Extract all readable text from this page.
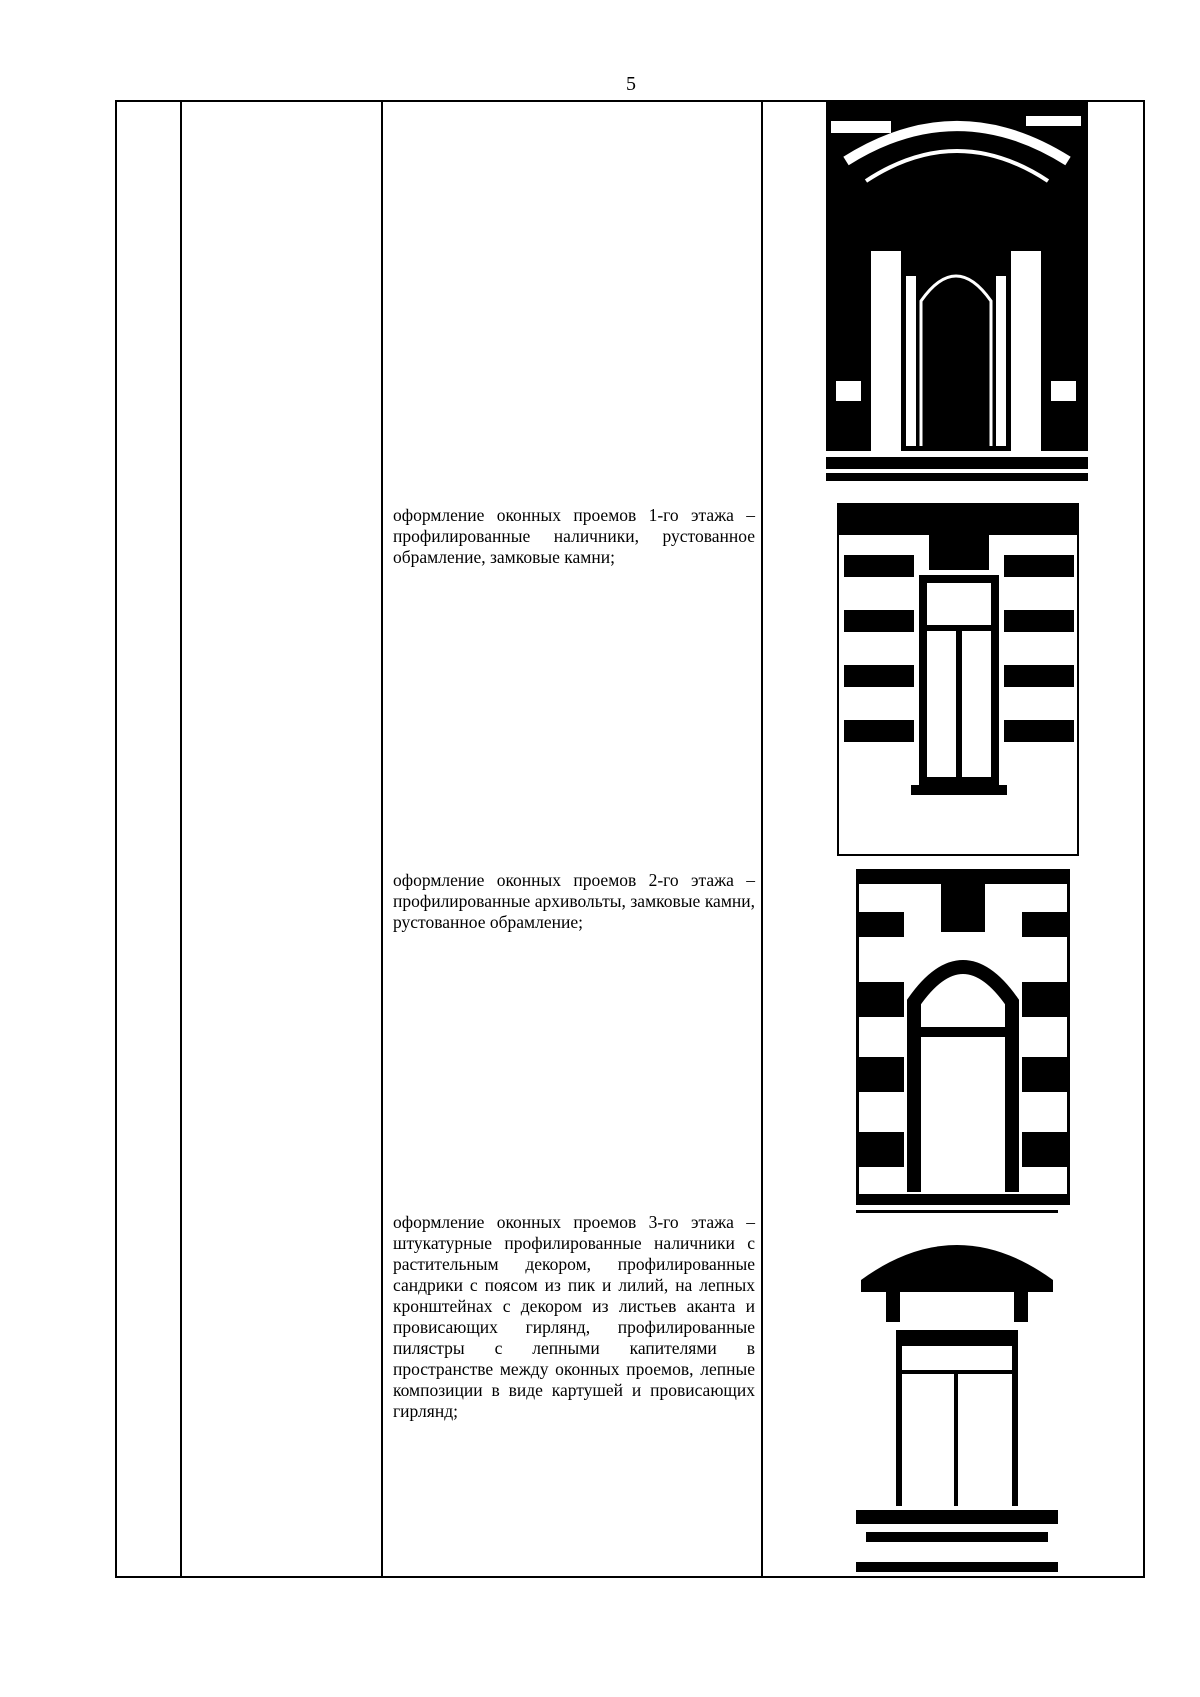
5
оформление оконных проемов 1-го этажа – профилированные наличники, рустованное обрамление, замковые камни;
оформление оконных проемов 2-го этажа – профилированные архивольты, замковые камни, рустованное обрамление;
оформление оконных проемов 3-го этажа – штукатурные профилированные наличники с растительным декором, профилированные сандрики с поясом из пик и лилий, на лепных кронштейнах с декором из листьев аканта и провисающих гирлянд, профилированные пилястры с лепными капителями в пространстве между оконных проемов, лепные композиции в виде картушей и провисающих гирлянд;
